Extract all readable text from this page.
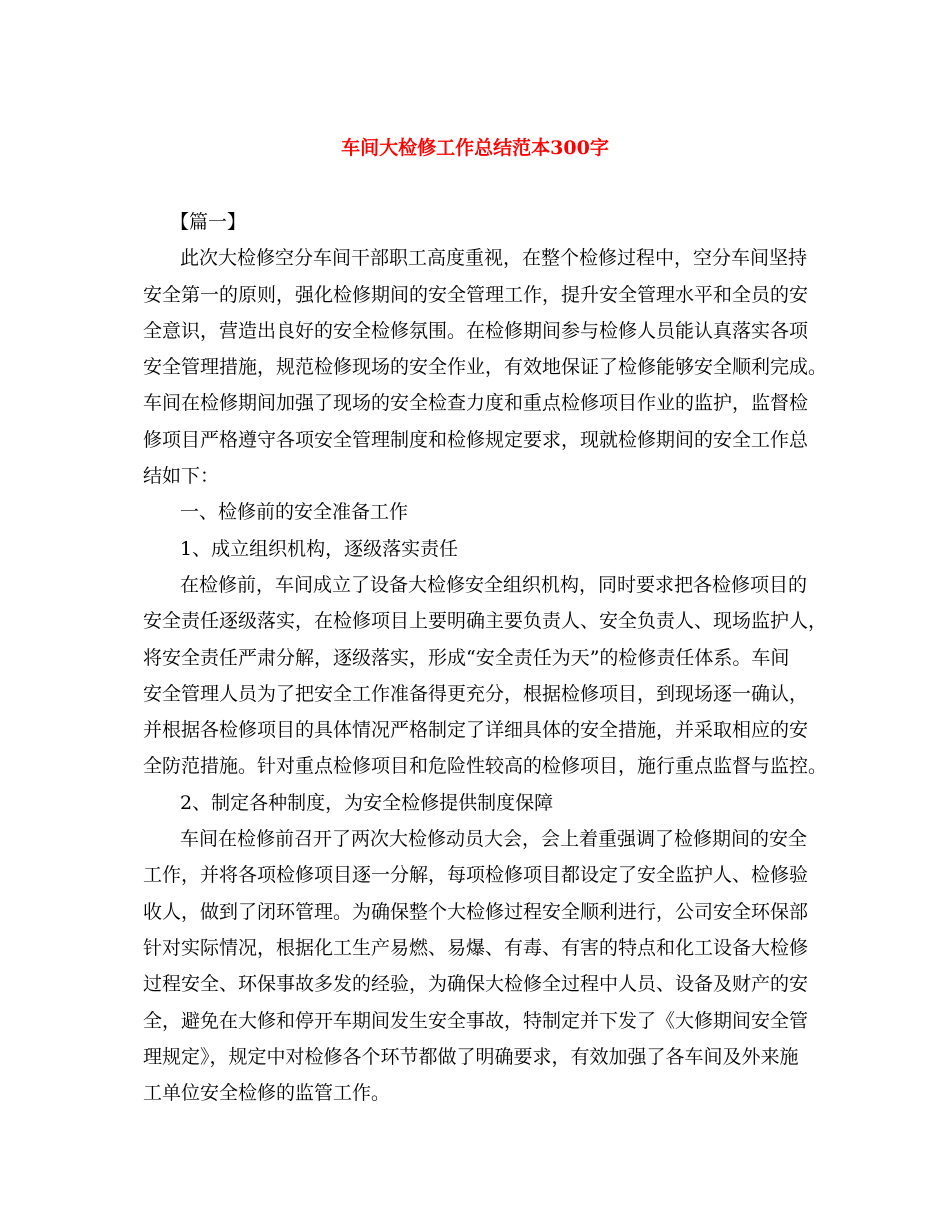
车间大检修工作总结范本300字
【篇一】
此次大检修空分车间干部职工高度重视，在整个检修过程中，空分车间坚持
安全第一的原则，强化检修期间的安全管理工作，提升安全管理水平和全员的安
全意识，营造出良好的安全检修氛围。在检修期间参与检修人员能认真落实各项
安全管理措施，规范检修现场的安全作业，有效地保证了检修能够安全顺利完成。
车间在检修期间加强了现场的安全检查力度和重点检修项目作业的监护，监督检
修项目严格遵守各项安全管理制度和检修规定要求，现就检修期间的安全工作总
结如下：
一、检修前的安全准备工作
1、成立组织机构，逐级落实责任
在检修前，车间成立了设备大检修安全组织机构，同时要求把各检修项目的
安全责任逐级落实，在检修项目上要明确主要负责人、安全负责人、现场监护人，
将安全责任严肃分解，逐级落实，形成“安全责任为天”的检修责任体系。车间
安全管理人员为了把安全工作准备得更充分，根据检修项目，到现场逐一确认，
并根据各检修项目的具体情况严格制定了详细具体的安全措施，并采取相应的安
全防范措施。针对重点检修项目和危险性较高的检修项目，施行重点监督与监控。
2、制定各种制度，为安全检修提供制度保障
车间在检修前召开了两次大检修动员大会，会上着重强调了检修期间的安全
工作，并将各项检修项目逐一分解，每项检修项目都设定了安全监护人、检修验
收人，做到了闭环管理。为确保整个大检修过程安全顺利进行，公司安全环保部
针对实际情况，根据化工生产易燃、易爆、有毒、有害的特点和化工设备大检修
过程安全、环保事故多发的经验，为确保大检修全过程中人员、设备及财产的安
全，避免在大修和停开车期间发生安全事故，特制定并下发了《大修期间安全管
理规定》，规定中对检修各个环节都做了明确要求，有效加强了各车间及外来施
工单位安全检修的监管工作。
